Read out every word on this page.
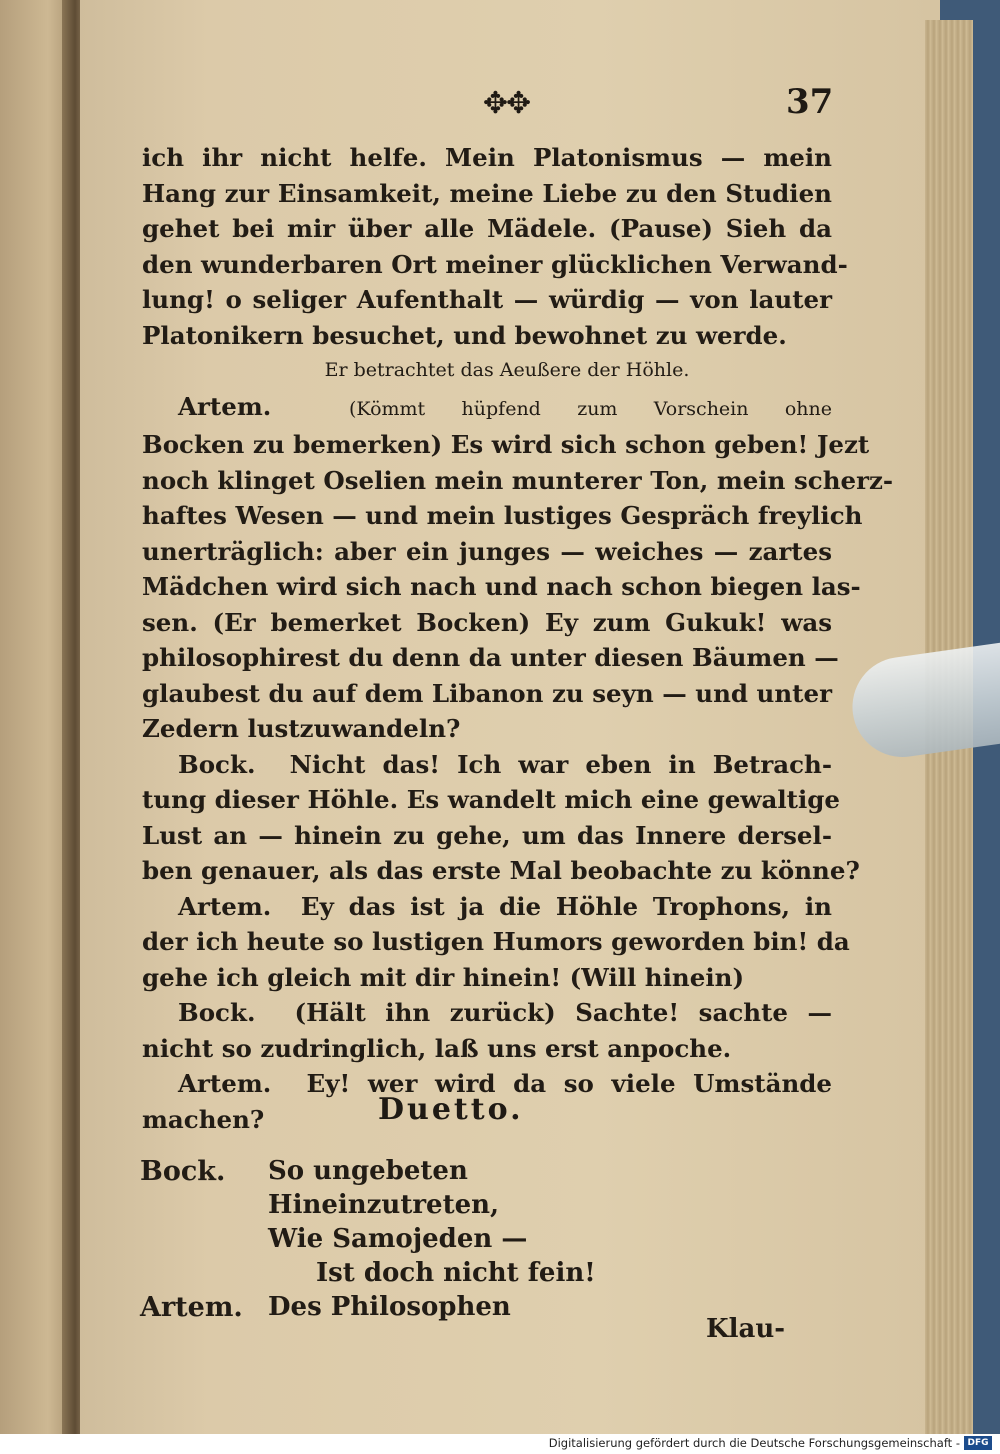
✥✥	37
ich ihr nicht helfe. Mein Platonismus — mein
Hang zur Einsamkeit, meine Liebe zu den Studien
gehet bei mir über alle Mädele. (Pause) Sieh da
den wunderbaren Ort meiner glücklichen Verwand-
lung! o seliger Aufenthalt — würdig — von lauter
Platonikern besuchet, und bewohnet zu werde.
Er betrachtet das Aeußere der Höhle.
Artem.	(Kömmt hüpfend zum Vorschein ohne
Bocken zu bemerken) Es wird sich schon geben! Jezt
noch klinget Oselien mein munterer Ton, mein scherz-
haftes Wesen — und mein lustiges Gespräch freylich
unerträglich: aber ein junges — weiches — zartes
Mädchen wird sich nach und nach schon biegen las-
sen. (Er bemerket Bocken) Ey zum Gukuk! was
philosophirest du denn da unter diesen Bäumen —
glaubest du auf dem Libanon zu seyn — und unter
Zedern lustzuwandeln?
Bock. Nicht das! Ich war eben in Betrach-
tung dieser Höhle. Es wandelt mich eine gewaltige
Lust an — hinein zu gehe, um das Innere dersel-
ben genauer, als das erste Mal beobachte zu könne?
Artem. Ey das ist ja die Höhle Trophons, in
der ich heute so lustigen Humors geworden bin! da
gehe ich gleich mit dir hinein! (Will hinein)
Bock. (Hält ihn zurück) Sachte! sachte —
nicht so zudringlich, laß uns erst anpoche.
Artem. Ey! wer wird da so viele Umstände
machen?	Duetto.
Bock. So ungebeten
Hineinzutreten,
Wie Samojeden —
Ist doch nicht fein!
Artem. Des Philosophen
Klau-
Digitalisierung gefördert durch die Deutsche Forschungsgemeinschaft - DFG
